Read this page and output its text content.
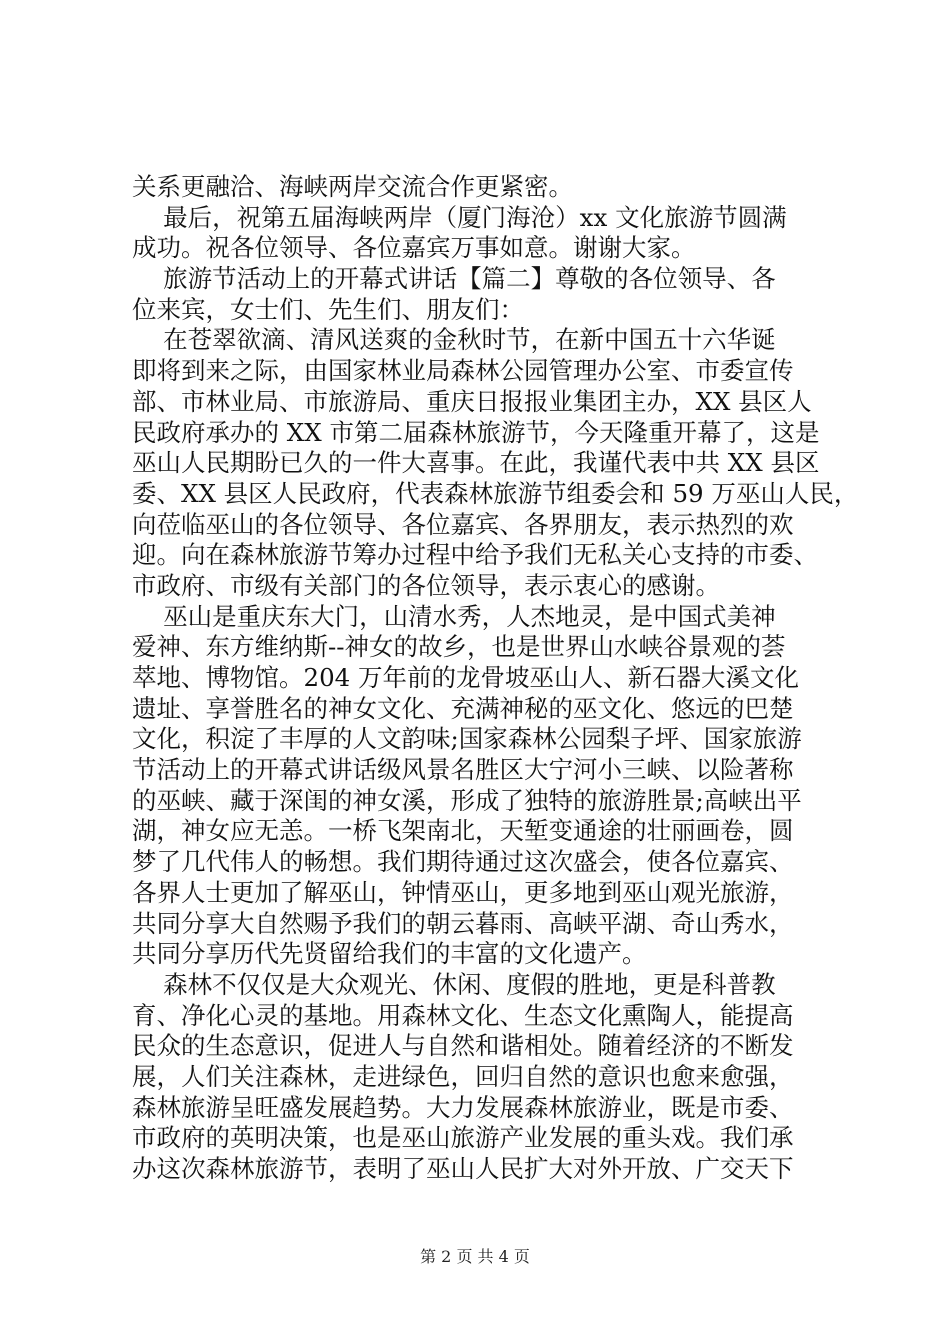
关系更融洽、海峡两岸交流合作更紧密。
最后，祝第五届海峡两岸（厦门海沧）xx 文化旅游节圆满
成功。祝各位领导、各位嘉宾万事如意。谢谢大家。
旅游节活动上的开幕式讲话【篇二】尊敬的各位领导、各
位来宾，女士们、先生们、朋友们：
在苍翠欲滴、清风送爽的金秋时节，在新中国五十六华诞
即将到来之际，由国家林业局森林公园管理办公室、市委宣传
部、市林业局、市旅游局、重庆日报报业集团主办，XX 县区人
民政府承办的 XX 市第二届森林旅游节，今天隆重开幕了，这是
巫山人民期盼已久的一件大喜事。在此，我谨代表中共 XX 县区
委、XX 县区人民政府，代表森林旅游节组委会和 59 万巫山人民，
向莅临巫山的各位领导、各位嘉宾、各界朋友，表示热烈的欢
迎。向在森林旅游节筹办过程中给予我们无私关心支持的市委、
市政府、市级有关部门的各位领导，表示衷心的感谢。
巫山是重庆东大门，山清水秀，人杰地灵，是中国式美神
爱神、东方维纳斯--神女的故乡，也是世界山水峡谷景观的荟
萃地、博物馆。204 万年前的龙骨坡巫山人、新石器大溪文化
遗址、享誉胜名的神女文化、充满神秘的巫文化、悠远的巴楚
文化，积淀了丰厚的人文韵味;国家森林公园梨子坪、国家旅游
节活动上的开幕式讲话级风景名胜区大宁河小三峡、以险著称
的巫峡、藏于深闺的神女溪，形成了独特的旅游胜景;高峡出平
湖，神女应无恙。一桥飞架南北，天堑变通途的壮丽画卷，圆
梦了几代伟人的畅想。我们期待通过这次盛会，使各位嘉宾、
各界人士更加了解巫山，钟情巫山，更多地到巫山观光旅游，
共同分享大自然赐予我们的朝云暮雨、高峡平湖、奇山秀水，
共同分享历代先贤留给我们的丰富的文化遗产。
森林不仅仅是大众观光、休闲、度假的胜地，更是科普教
育、净化心灵的基地。用森林文化、生态文化熏陶人，能提高
民众的生态意识，促进人与自然和谐相处。随着经济的不断发
展，人们关注森林，走进绿色，回归自然的意识也愈来愈强，
森林旅游呈旺盛发展趋势。大力发展森林旅游业，既是市委、
市政府的英明决策，也是巫山旅游产业发展的重头戏。我们承
办这次森林旅游节，表明了巫山人民扩大对外开放、广交天下
第 2 页 共 4 页
